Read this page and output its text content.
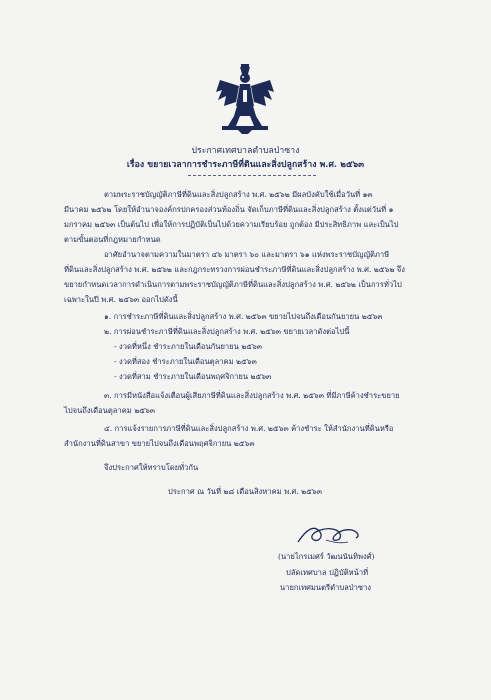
ประกาศเทศบาลตำบลป่าซาง
เรื่อง ขยายเวลาการชำระภาษีที่ดินและสิ่งปลูกสร้าง พ.ศ. ๒๕๖๓
ตามพระราชบัญญัติภาษีที่ดินและสิ่งปลูกสร้าง พ.ศ. ๒๕๖๒ มีผลบังคับใช้เมื่อวันที่ ๑๓
มีนาคม ๒๕๖๒ โดยให้อำนาจองค์กรปกครองส่วนท้องถิ่น จัดเก็บภาษีที่ดินและสิ่งปลูกสร้าง ตั้งแต่วันที่ ๑
มกราคม ๒๕๖๓ เป็นต้นไป เพื่อให้การปฏิบัติเป็นไปด้วยความเรียบร้อย ถูกต้อง มีประสิทธิภาพ และเป็นไป
ตามขั้นตอนที่กฎหมายกำหนด
อาศัยอำนาจตามความในมาตรา ๔๖ มาตรา ๖๐ และมาตรา ๖๑ แห่งพระราชบัญญัติภาษี
ที่ดินและสิ่งปลูกสร้าง พ.ศ. ๒๕๖๒ และกฎกระทรวงการผ่อนชำระภาษีที่ดินและสิ่งปลูกสร้าง พ.ศ. ๒๕๖๒ จึง
ขยายกำหนดเวลาการดำเนินการตามพระราชบัญญัติภาษีที่ดินและสิ่งปลูกสร้าง พ.ศ. ๒๕๖๒ เป็นการทั่วไป
เฉพาะในปี พ.ศ. ๒๕๖๓ ออกไปดังนี้
๑. การชำระภาษีที่ดินและสิ่งปลูกสร้าง พ.ศ. ๒๕๖๓ ขยายไปจนถึงเดือนกันยายน ๒๕๖๓
๒. การผ่อนชำระภาษีที่ดินและสิ่งปลูกสร้าง พ.ศ. ๒๕๖๓ ขยายเวลาดังต่อไปนี้
- งวดที่หนึ่ง ชำระภายในเดือนกันยายน ๒๕๖๓
- งวดที่สอง ชำระภายในเดือนตุลาคม ๒๕๖๓
- งวดที่สาม ชำระภายในเดือนพฤศจิกายน ๒๕๖๓
๓. การมีหนังสือแจ้งเตือนผู้เสียภาษีที่ดินและสิ่งปลูกสร้าง พ.ศ. ๒๕๖๓ ที่มีภาษีค้างชำระขยาย
ไปจนถึงเดือนตุลาคม ๒๕๖๓
๔. การแจ้งรายการภาษีที่ดินและสิ่งปลูกสร้าง พ.ศ. ๒๕๖๓ ค้างชำระ ให้สำนักงานที่ดินหรือ
สำนักงานที่ดินสาขา ขยายไปจนถึงเดือนพฤศจิกายน ๒๕๖๓
จึงประกาศให้ทราบโดยทั่วกัน
ประกาศ ณ วันที่ ๒๘ เดือนสิงหาคม พ.ศ. ๒๕๖๓
(นายไกรเมศร์ วัฒนนันทิพงศ์)
ปลัดเทศบาล ปฏิบัติหน้าที่
นายกเทศมนตรีตำบลป่าซาง
